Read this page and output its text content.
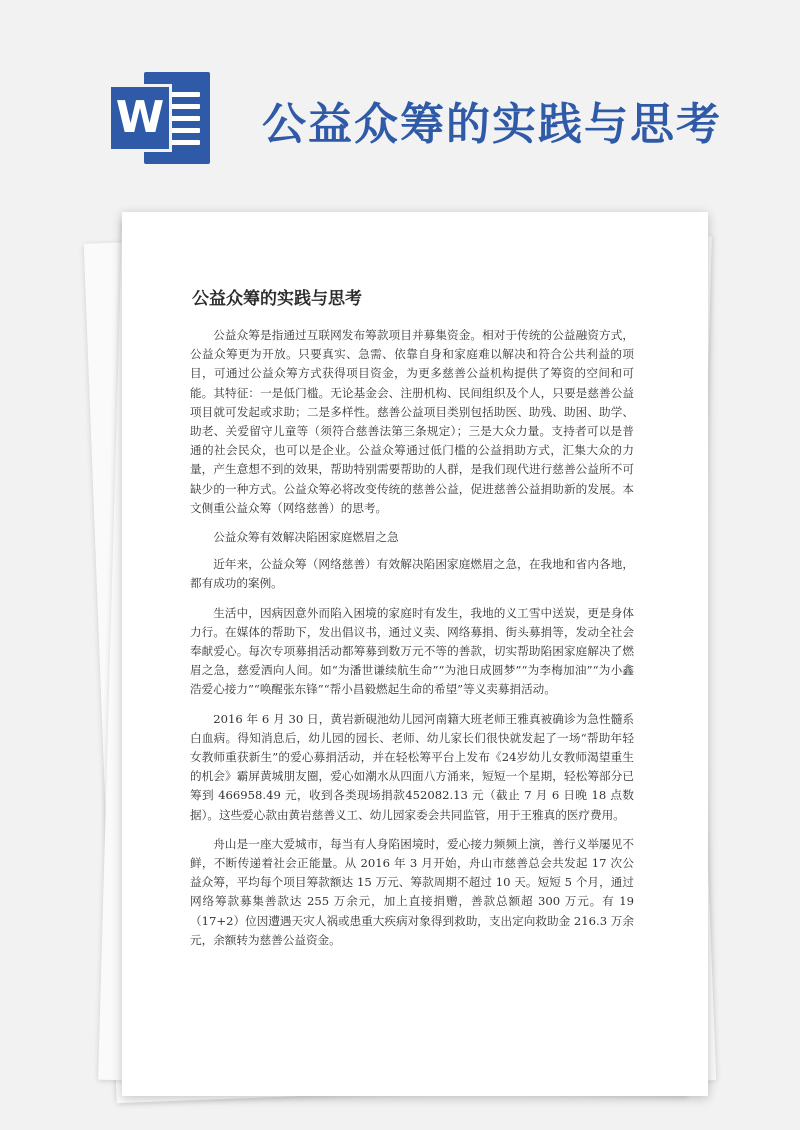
W 公益众筹的实践与思考
公益众筹的实践与思考

公益众筹是指通过互联网发布筹款项目并募集资金。相对于传统的公益融资方式，公益众筹更为开放。只要真实、急需、依靠自身和家庭难以解决和符合公共利益的项目，可通过公益众筹方式获得项目资金，为更多慈善公益机构提供了筹资的空间和可能。其特征：一是低门槛。无论基金会、注册机构、民间组织及个人，只要是慈善公益项目就可发起或求助；二是多样性。慈善公益项目类别包括助医、助残、助困、助学、助老、关爱留守儿童等（须符合慈善法第三条规定）；三是大众力量。支持者可以是普通的社会民众，也可以是企业。公益众筹通过低门槛的公益捐助方式，汇集大众的力量，产生意想不到的效果，帮助特别需要帮助的人群，是我们现代进行慈善公益所不可缺少的一种方式。公益众筹必将改变传统的慈善公益，促进慈善公益捐助新的发展。本文侧重公益众筹（网络慈善）的思考。

公益众筹有效解决陷困家庭燃眉之急

近年来，公益众筹（网络慈善）有效解决陷困家庭燃眉之急，在我地和省内各地，都有成功的案例。

生活中，因病因意外而陷入困境的家庭时有发生，我地的义工雪中送炭，更是身体力行。在媒体的帮助下，发出倡议书，通过义卖、网络募捐、街头募捐等，发动全社会奉献爱心。每次专项募捐活动都筹募到数万元不等的善款，切实帮助陷困家庭解决了燃眉之急，慈爱洒向人间。如“为潘世谦续航生命”“为池日成圆梦”“为李梅加油”“为小鑫浩爱心接力”“唤醒张东锋”“帮小昌毅燃起生命的希望”等义卖募捐活动。

2016 年 6 月 30 日，黄岩新硯池幼儿园河南籍大班老师王雅真被确诊为急性髓系白血病。得知消息后，幼儿园的园长、老师、幼儿家长们很快就发起了一场“帮助年轻女教师重获新生”的爱心募捐活动，并在轻松筹平台上发布《24岁幼儿女教师渴望重生的机会》霸屏黄城朋友圈，爱心如潮水从四面八方涌来，短短一个星期，轻松筹部分已筹到 466958.49 元，收到各类现场捐款452082.13 元（截止 7 月 6 日晚 18 点数据）。这些爱心款由黄岩慈善义工、幼儿园家委会共同监管，用于王雅真的医疗费用。

舟山是一座大爱城市，每当有人身陷困境时，爱心接力频频上演，善行义举屡见不鲜，不断传递着社会正能量。从 2016 年 3 月开始，舟山市慈善总会共发起 17 次公益众筹，平均每个项目筹款额达 15 万元、筹款周期不超过 10 天。短短 5 个月，通过网络筹款募集善款达 255 万余元，加上直接捐赠，善款总额超 300 万元。有 19（17+2）位因遭遇天灾人祸或患重大疾病对象得到救助，支出定向救助金 216.3 万余元，余额转为慈善公益资金。
